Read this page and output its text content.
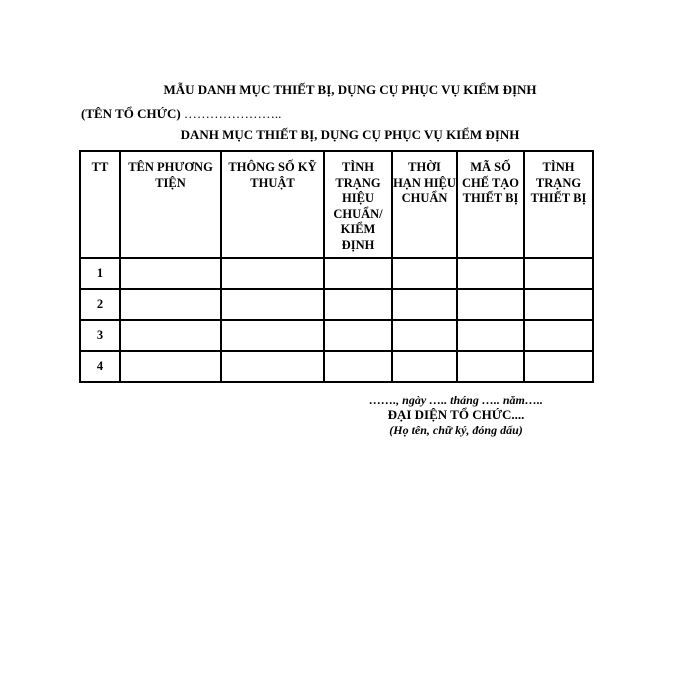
MẪU DANH MỤC THIẾT BỊ, DỤNG CỤ PHỤC VỤ KIỂM ĐỊNH
(TÊN TỔ CHỨC) …………………..
DANH MỤC THIẾT BỊ, DỤNG CỤ PHỤC VỤ KIỂM ĐỊNH
TT	TÊN PHƯƠNG TIỆN	THÔNG SỐ KỸ THUẬT	TÌNH TRẠNG HIỆU CHUẨN/ KIỂM ĐỊNH	THỜI HẠN HIỆU CHUẨN	MÃ SỐ CHẾ TẠO THIẾT BỊ	TÌNH TRẠNG THIẾT BỊ
1						
2						
3						
4						
……., ngày ….. tháng ….. năm…..
ĐẠI DIỆN TỔ CHỨC....
(Họ tên, chữ ký, đóng dấu)
